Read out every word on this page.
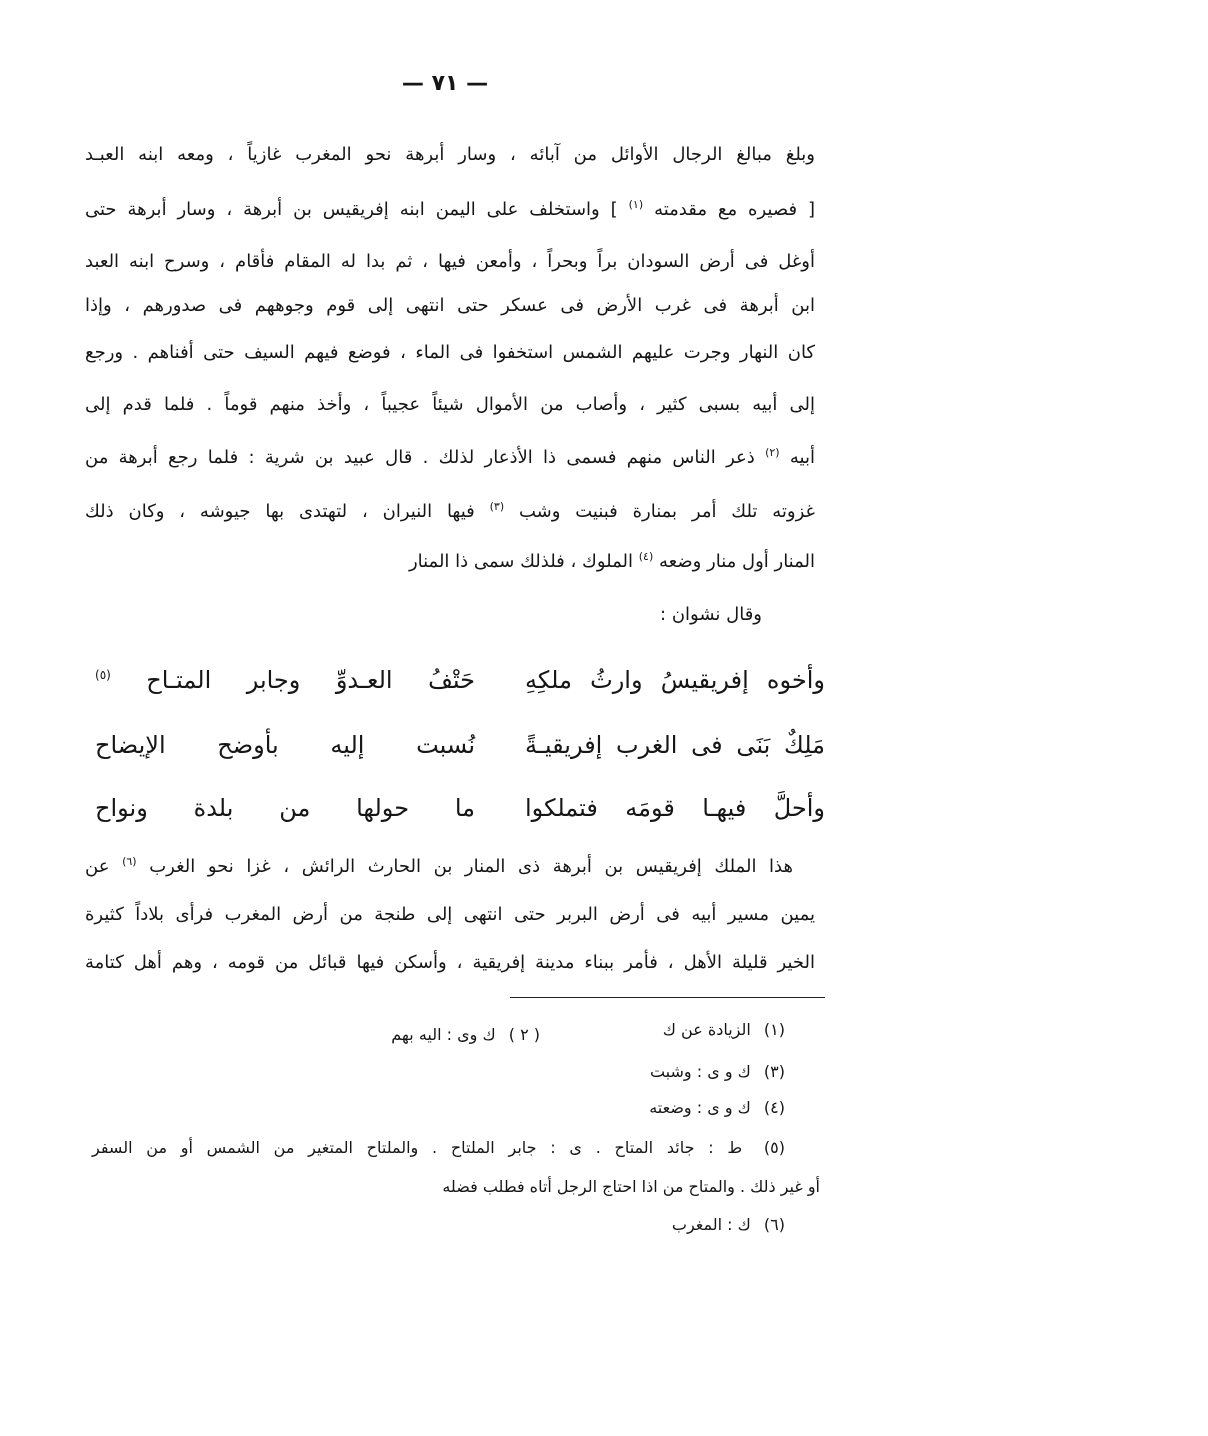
— ٧١ —
وبلغ مبالغ الرجال الأوائل من آبائه ، وسار أبرهة نحو المغرب غازياً ، ومعه ابنه العبـد
[ فصيره مع مقدمته $^{(١)}$ ] واستخلف على اليمن ابنه إفريقيس بن أبرهة ، وسار أبرهة حتى
أوغل فى أرض السودان براً وبحراً ، وأمعن فيها ، ثم بدا له المقام فأقام ، وسرح ابنه العبد
ابن أبرهة فى غرب الأرض فى عسكر حتى انتهى إلى قوم وجوههم فى صدورهم ، وإذا
كان النهار وجرت عليهم الشمس استخفوا فى الماء ، فوضع فيهم السيف حتى أفناهم . ورجع
إلى أبيه بسبى كثير ، وأصاب من الأموال شيئاً عجيباً ، وأخذ منهم قوماً . فلما قدم إلى
أبيه $^{(٢)}$ ذعر الناس منهم فسمى ذا الأذعار لذلك . قال عبيد بن شرية : فلما رجع أبرهة من
غزوته تلك أمر بمنارة فبنيت وشب $^{(٣)}$ فيها النيران ، لتهتدى بها جيوشه ، وكان ذلك
المنار أول منار وضعه $^{(٤)}$ الملوك ، فلذلك سمى ذا المنار
وقال نشوان :
وأخوه إفريقيسُ وارثُ ملكِهِ
حَتْفُ العـدوِّ وجابر المتـاح $^{(٥)}$
مَلِكٌ بَنَى فى الغرب إفريقيـةً
نُسبت إليه بأوضح الإيضاح
وأحلَّ فيهـا قومَه فتملكوا
ما حولها من بلدة ونواح
هذا الملك إفريقيس بن أبرهة ذى المنار بن الحارث الرائش ، غزا نحو الغرب $^{(٦)}$ عن
يمين مسير أبيه فى أرض البربر حتى انتهى إلى طنجة من أرض المغرب فرأى بلاداً كثيرة
الخير قليلة الأهل ، فأمر ببناء مدينة إفريقية ، وأسكن فيها قبائل من قومه ، وهم أهل كتامة
(١) الزيادة عن ك
( ٢ ) ك وى : اليه بهم
(٣) ك و ى : وشبت
(٤) ك و ى : وضعته
(٥) ط : جائد المتاح . ى : جابر الملتاح . والملتاح المتغير من الشمس أو من السفر
أو غير ذلك . والمتاح من اذا احتاج الرجل أتاه فطلب فضله
(٦) ك : المغرب
